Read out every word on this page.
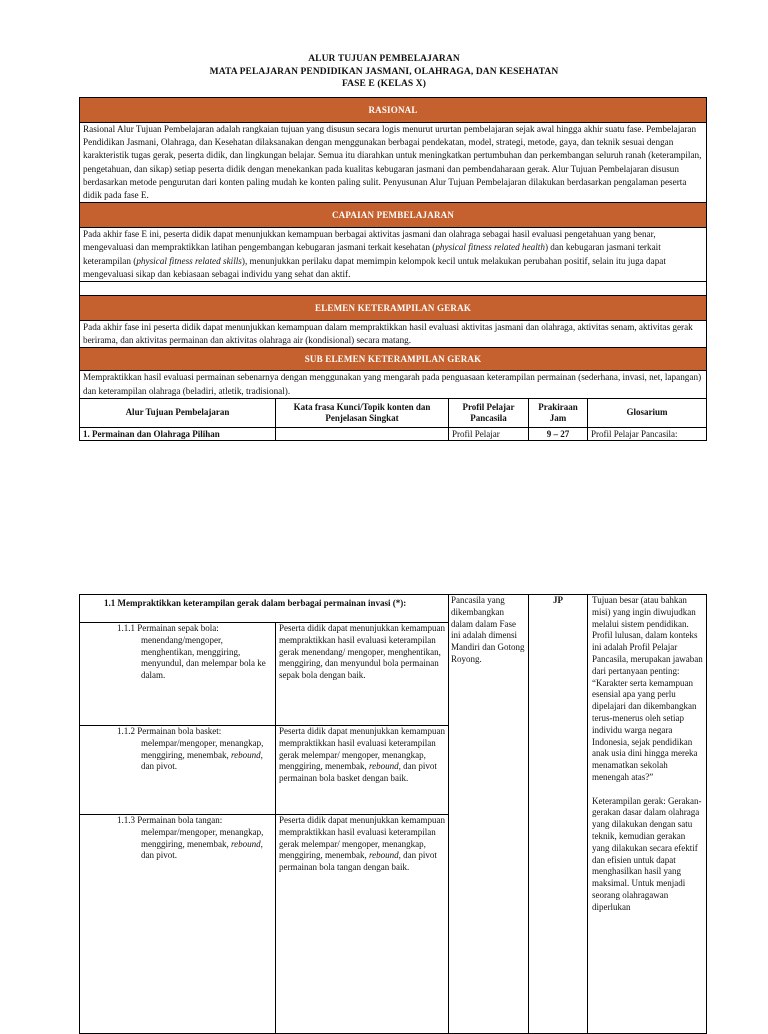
ALUR TUJUAN PEMBELAJARAN
MATA PELAJARAN PENDIDIKAN JASMANI, OLAHRAGA, DAN KESEHATAN
FASE E (KELAS X)
RASIONAL				
Rasional Alur Tujuan Pembelajaran adalah rangkaian tujuan yang disusun secara logis menurut ururtan pembelajaran sejak awal hingga akhir suatu fase. Pembelajaran Pendidikan Jasmani, Olahraga, dan Kesehatan dilaksanakan dengan menggunakan berbagai pendekatan, model, strategi, metode, gaya, dan teknik sesuai dengan karakteristik tugas gerak, peserta didik, dan lingkungan belajar. Semua itu diarahkan untuk meningkatkan pertumbuhan dan perkembangan seluruh ranah (keterampilan, pengetahuan, dan sikap) setiap peserta didik dengan menekankan pada kualitas kebugaran jasmani dan pembendaharaan gerak. Alur Tujuan Pembelajaran disusun berdasarkan metode pengurutan dari konten paling mudah ke konten paling sulit. Penyusunan Alur Tujuan Pembelajaran dilakukan berdasarkan pengalaman peserta didik pada fase E.				
CAPAIAN PEMBELAJARAN				
Pada akhir fase E ini, peserta didik dapat menunjukkan kemampuan berbagai aktivitas jasmani dan olahraga sebagai hasil evaluasi pengetahuan yang benar, mengevaluasi dan mempraktikkan latihan pengembangan kebugaran jasmani terkait kesehatan (physical fitness related health) dan kebugaran jasmani terkait keterampilan (physical fitness related skills), menunjukkan perilaku dapat memimpin kelompok kecil untuk melakukan perubahan positif, selain itu juga dapat mengevaluasi sikap dan kebiasaan sebagai individu yang sehat dan aktif.				

ELEMEN KETERAMPILAN GERAK				
Pada akhir fase ini peserta didik dapat menunjukkan kemampuan dalam mempraktikkan hasil evaluasi aktivitas jasmani dan olahraga, aktivitas senam, aktivitas gerak berirama, dan aktivitas permainan dan aktivitas olahraga air (kondisional) secara matang.				
SUB ELEMEN KETERAMPILAN GERAK				
Mempraktikkan hasil evaluasi permainan sebenarnya dengan menggunakan yang mengarah pada penguasaan keterampilan permainan (sederhana, invasi, net, lapangan) dan keterampilan olahraga (beladiri, atletik, tradisional).				
Alur Tujuan Pembelajaran	Kata frasa Kunci/Topik konten dan Penjelasan Singkat	Profil Pelajar Pancasila	Prakiraan Jam	Glosarium
1. Permainan dan Olahraga Pilihan		Profil Pelajar	9 – 27	Profil Pelajar Pancasila:
1.1 Mempraktikkan keterampilan gerak dalam berbagai permainan invasi (*):		Pancasila yang dikembangkan dalam dalam Fase ini adalah dimensi Mandiri dan Gotong Royong.	JP	Tujuan besar (atau bahkan misi) yang ingin diwujudkan melalui sistem pendidikan. Profil lulusan, dalam konteks ini adalah Profil Pelajar Pancasila, merupakan jawaban dari pertanyaan penting: “Karakter serta kemampuan esensial apa yang perlu dipelajari dan dikembangkan terus-menerus oleh setiap individu warga negara Indonesia, sejak pendidikan anak usia dini hingga mereka menamatkan sekolah menengah atas?”
Keterampilan gerak: Gerakan-gerakan dasar dalam olahraga yang dilakukan dengan satu teknik, kemudian gerakan yang dilakukan secara efektif dan efisien untuk dapat menghasilkan hasil yang maksimal. Untuk menjadi seorang olahragawan diperlukan

1.1.1 Permainan sepak bola:
menendang/mengoper, menghentikan, menggiring, menyundul, dan melempar bola ke dalam.	Peserta didik dapat menunjukkan kemampuan mempraktikkan hasil evaluasi keterampilan gerak menendang/ mengoper, menghentikan, menggiring, dan menyundul bola permainan sepak bola dengan baik.			

1.1.2 Permainan bola basket:
melempar/mengoper, menangkap, menggiring, menembak, rebound, dan pivot.	Peserta didik dapat menunjukkan kemampuan mempraktikkan hasil evaluasi keterampilan gerak melempar/ mengoper, menangkap, menggiring, menembak, rebound, dan pivot permainan bola basket dengan baik.			

1.1.3 Permainan bola tangan:
melempar/mengoper, menangkap, menggiring, menembak, rebound, dan pivot.	Peserta didik dapat menunjukkan kemampuan mempraktikkan hasil evaluasi keterampilan gerak melempar/ mengoper, menangkap, menggiring, menembak, rebound, dan pivot permainan bola tangan dengan baik.			
